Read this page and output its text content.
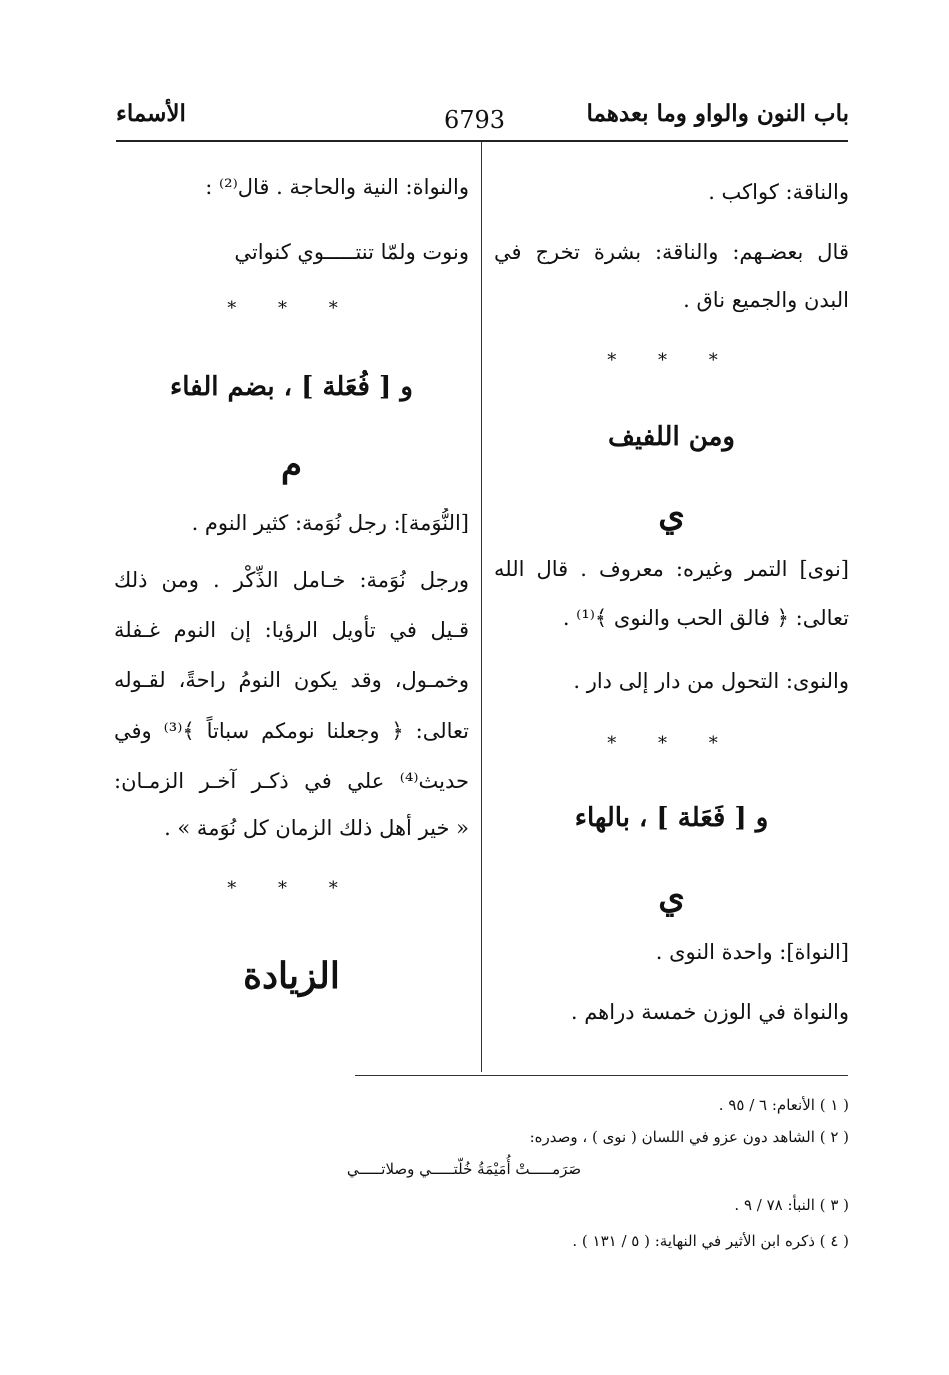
باب النون والواو وما بعدهما
6793
الأسماء
والناقة: كواكب .
قال بعضـهم: والناقة: بشرة تخرج في
البدن والجميع ناق .
* * *
ومن اللفيف
ي
[نوى] التمر وغيره: معروف . قال الله
تعالى: ﴿ فالق الحب والنوى ﴾⁽¹⁾ .
والنوى: التحول من دار إلى دار .
* * *
و [ فَعَلة ] ، بالهاء
ي
[النواة]: واحدة النوى .
والنواة في الوزن خمسة دراهم .
والنواة: النية والحاجة . قال⁽²⁾ :
ونوت ولمّا تنتـــــوي كنواتي
* * *
و [ فُعَلة ] ، بضم الفاء
م
[النُّوَمة]: رجل نُوَمة: كثير النوم .
ورجل نُوَمة: خـامل الذِّكْر . ومن ذلك
قـيل في تأويل الرؤيا: إن النوم غـفلة
وخمـول، وقد يكون النومُ راحةً، لقـوله
تعالى: ﴿ وجعلنا نومكم سباتاً ﴾⁽³⁾ وفي
حديث⁽⁴⁾ علي في ذكـر آخـر الزمـان:
« خير أهل ذلك الزمان كل نُوَمة » .
* * *
الزيادة
( ١ ) الأنعام: ٦ / ٩٥ .
( ٢ ) الشاهد دون عزو في اللسان ( نوى ) ، وصدره:
صَرَمـــــتْ أُمَيْمَةُ خُلّتـــــي وصلاتـــــي
( ٣ ) النبأ: ٧٨ / ٩ .
( ٤ ) ذكره ابن الأثير في النهاية: ( ٥ / ١٣١ ) .
